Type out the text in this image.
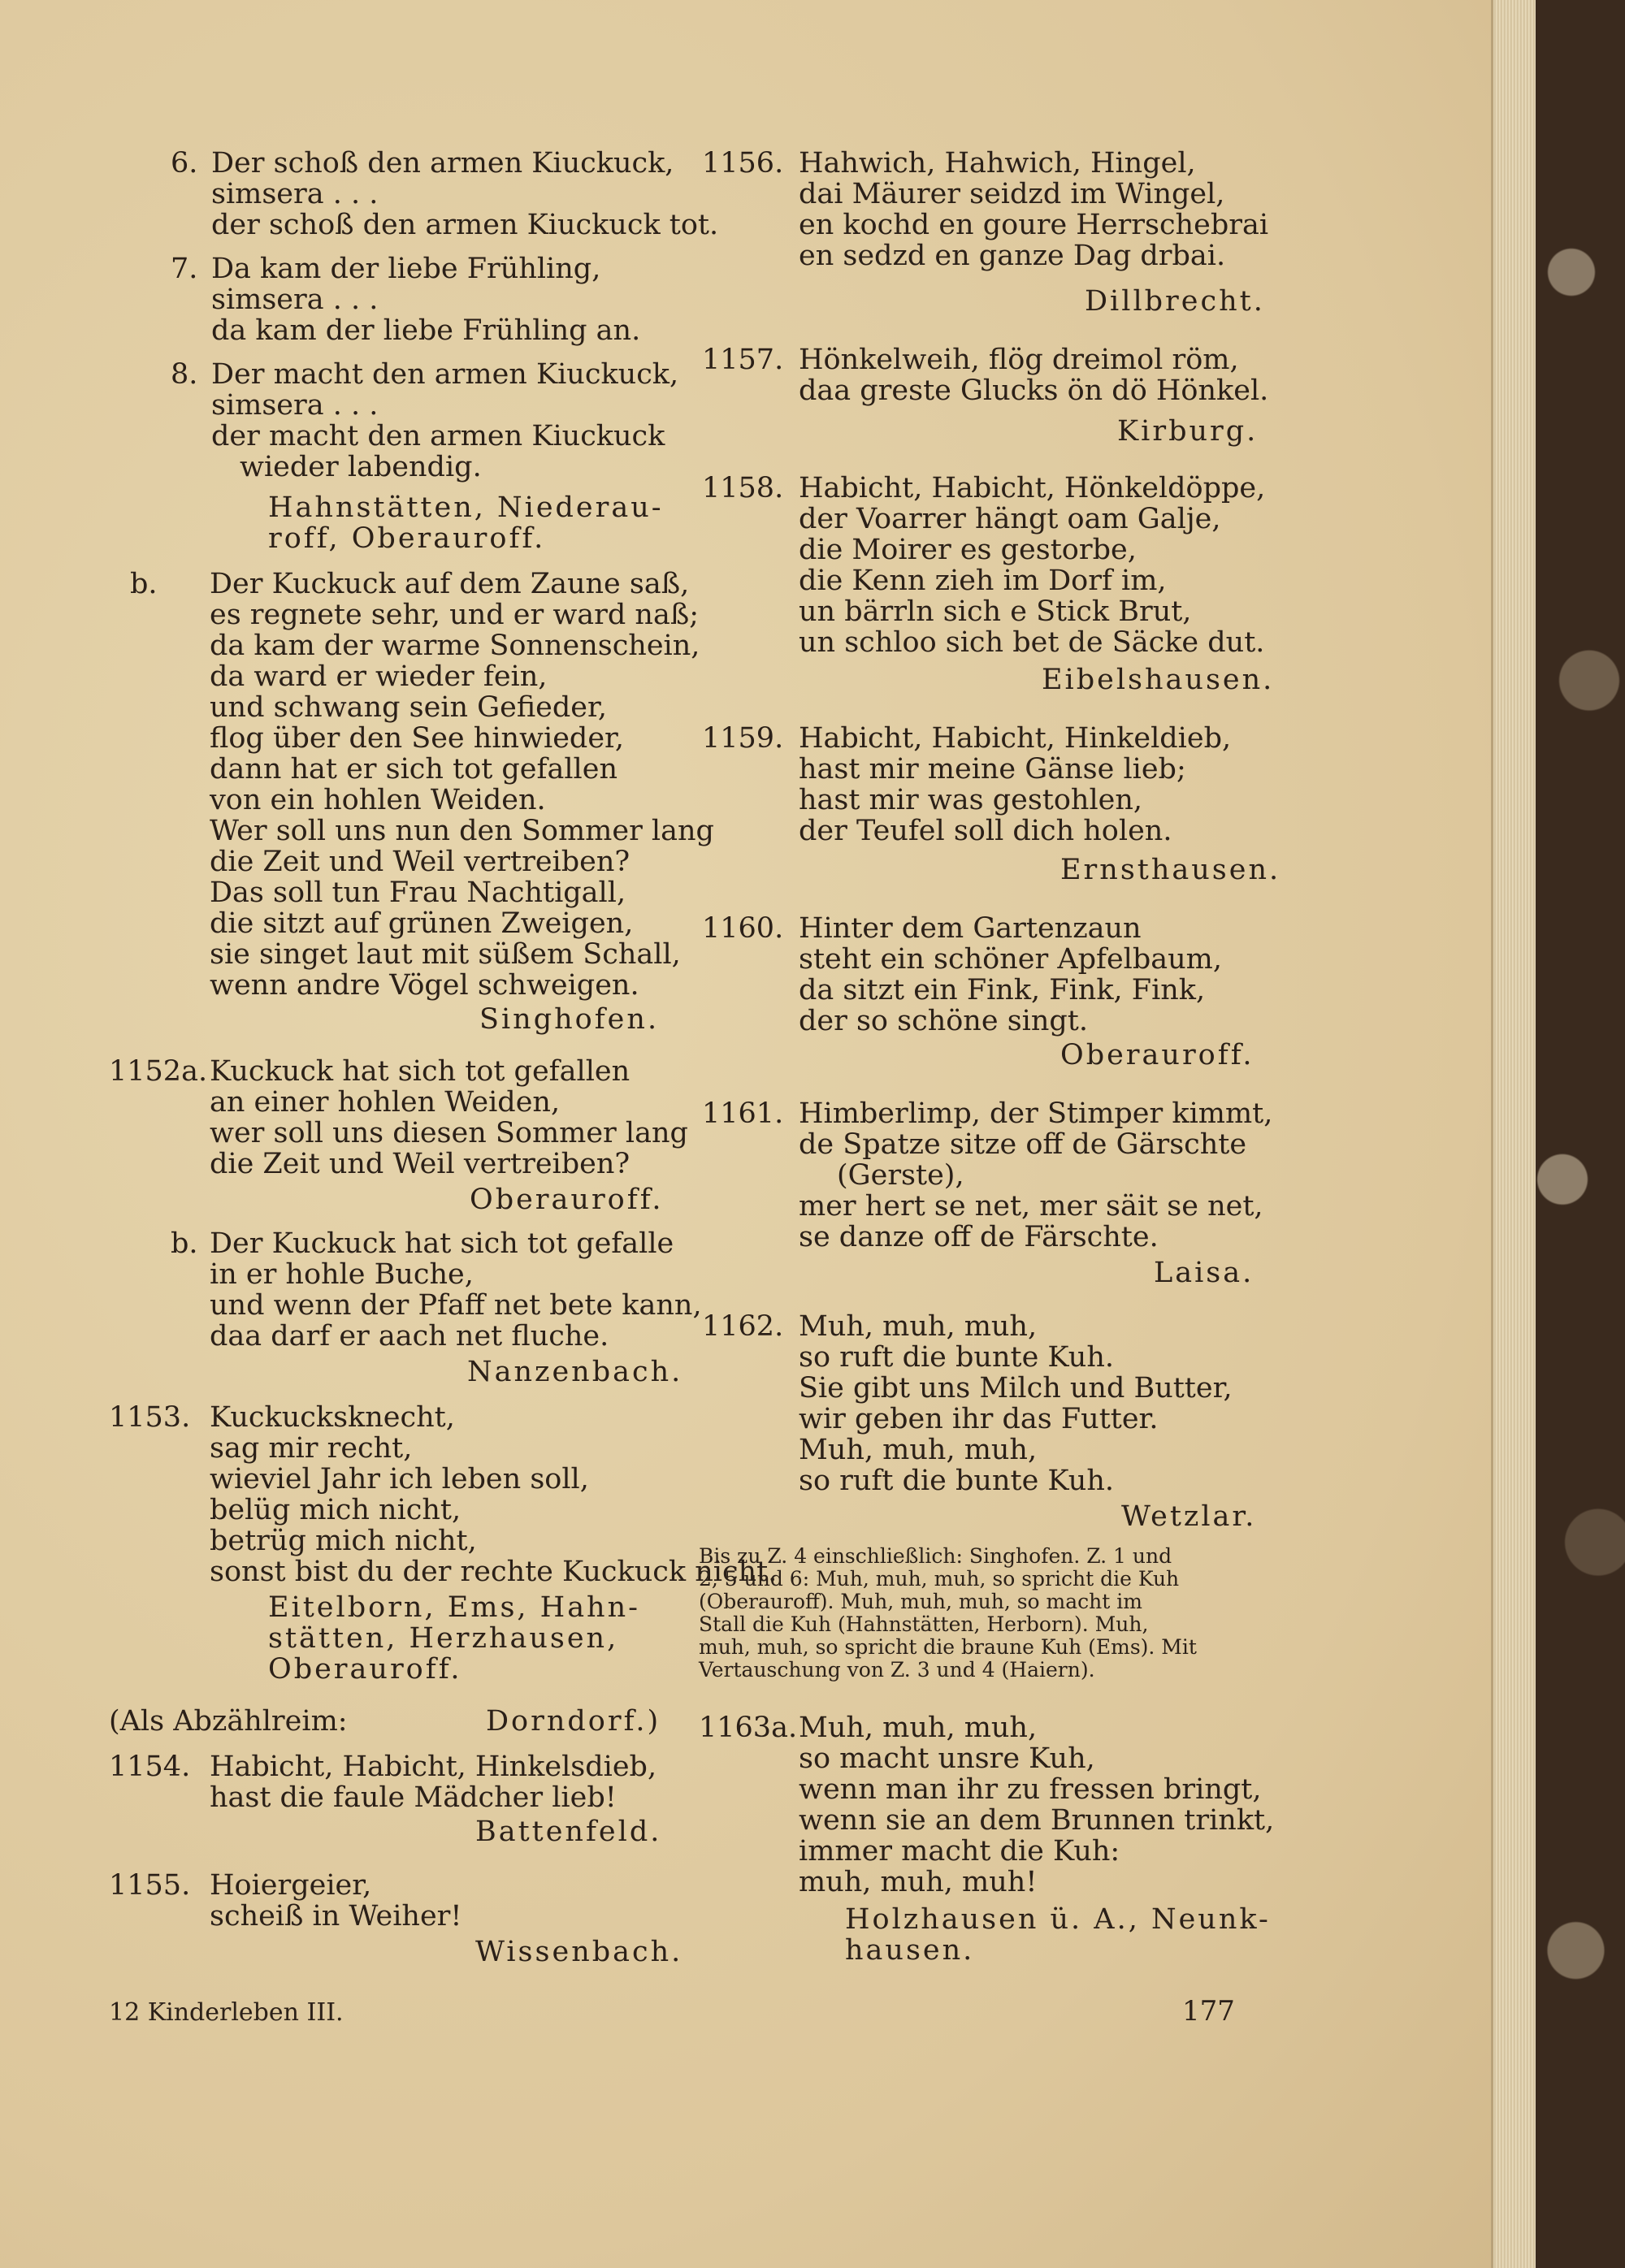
6. Der schoß den armen Kiuckuck,
simsera . . .
der schoß den armen Kiuckuck tot.
7. Da kam der liebe Frühling,
simsera . . .
da kam der liebe Frühling an.
8. Der macht den armen Kiuckuck,
simsera . . .
der macht den armen Kiuckuck
wieder labendig.
Hahnstätten, Niederau-
roff, Oberauroff.
b. Der Kuckuck auf dem Zaune saß,
es regnete sehr, und er ward naß;
da kam der warme Sonnenschein,
da ward er wieder fein,
und schwang sein Gefieder,
flog über den See hinwieder,
dann hat er sich tot gefallen
von ein hohlen Weiden.
Wer soll uns nun den Sommer lang
die Zeit und Weil vertreiben?
Das soll tun Frau Nachtigall,
die sitzt auf grünen Zweigen,
sie singet laut mit süßem Schall,
wenn andre Vögel schweigen.
Singhofen.
1152a. Kuckuck hat sich tot gefallen
an einer hohlen Weiden,
wer soll uns diesen Sommer lang
die Zeit und Weil vertreiben?
Oberauroff.
b. Der Kuckuck hat sich tot gefalle
in er hohle Buche,
und wenn der Pfaff net bete kann,
daa darf er aach net fluche.
Nanzenbach.
1153. Kuckucksknecht,
sag mir recht,
wieviel Jahr ich leben soll,
belüg mich nicht,
betrüg mich nicht,
sonst bist du der rechte Kuckuck nicht.
Eitelborn, Ems, Hahn-
stätten, Herzhausen,
Oberauroff.
(Als Abzählreim:	Dorndorf.)
1154. Habicht, Habicht, Hinkelsdieb,
hast die faule Mädcher lieb!
Battenfeld.
1155. Hoiergeier,
scheiß in Weiher!
Wissenbach.
1156. Hahwich, Hahwich, Hingel,
dai Mäurer seidzd im Wingel,
en kochd en goure Herrschebrai
en sedzd en ganze Dag drbai.
Dillbrecht.
1157. Hönkelweih, flög dreimol röm,
daa greste Glucks ön dö Hönkel.
Kirburg.
1158. Habicht, Habicht, Hönkeldöppe,
der Voarrer hängt oam Galje,
die Moirer es gestorbe,
die Kenn zieh im Dorf im,
un bärrln sich e Stick Brut,
un schloo sich bet de Säcke dut.
Eibelshausen.
1159. Habicht, Habicht, Hinkeldieb,
hast mir meine Gänse lieb;
hast mir was gestohlen,
der Teufel soll dich holen.
Ernsthausen.
1160. Hinter dem Gartenzaun
steht ein schöner Apfelbaum,
da sitzt ein Fink, Fink, Fink,
der so schöne singt.
Oberauroff.
1161. Himberlimp, der Stimper kimmt,
de Spatze sitze off de Gärschte
(Gerste),
mer hert se net, mer säit se net,
se danze off de Färschte.
Laisa.
1162. Muh, muh, muh,
so ruft die bunte Kuh.
Sie gibt uns Milch und Butter,
wir geben ihr das Futter.
Muh, muh, muh,
so ruft die bunte Kuh.
Wetzlar.
Bis zu Z. 4 einschließlich: Singhofen. Z. 1 und
2, 5 und 6: Muh, muh, muh, so spricht die Kuh
(Oberauroff). Muh, muh, muh, so macht im
Stall die Kuh (Hahnstätten, Herborn). Muh,
muh, muh, so spricht die braune Kuh (Ems). Mit
Vertauschung von Z. 3 und 4 (Haiern).
1163a. Muh, muh, muh,
so macht unsre Kuh,
wenn man ihr zu fressen bringt,
wenn sie an dem Brunnen trinkt,
immer macht die Kuh:
muh, muh, muh!
Holzhausen ü. A., Neunk-
hausen.
12 Kinderleben III.	177
